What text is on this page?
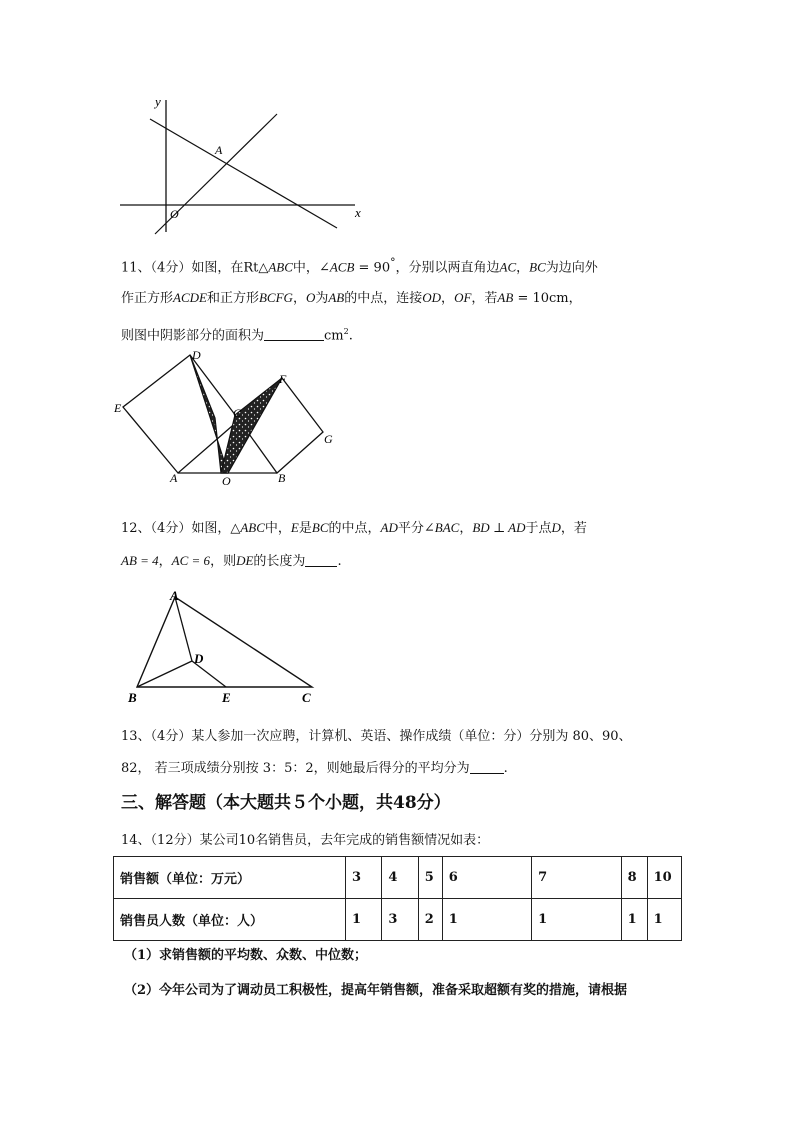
y
x
A
O
11、（4分）如图，在Rt△ABC中，∠ACB = 90°，分别以两直角边AC，BC为边向外
作正方形ACDE和正方形BCFG，O为AB的中点，连接OD，OF，若AB = 10cm，
则图中阴影部分的面积为	$cm^2$.
D
E	C
F
G
A	O	B
12、（4分）如图，△ABC中，E是BC的中点，AD平分∠BAC，BD ⊥ AD于点D，若
AB = 4，AC = 6，则DE的长度为 .
A
D
B	E	C
13、（4分）某人参加一次应聘，计算机、英语、操作成绩（单位：分）分别为 80、90、
82， 若三项成绩分别按 3：5：2，则她最后得分的平均分为	.
三、解答题（本大题共５个小题，共48分）
14、（12分）某公司10名销售员，去年完成的销售额情况如表：
销售额（单位：万元）	3	4	5	6	7	8	10
销售员人数（单位：人）	1	3	2	1	1	1	1
（1）求销售额的平均数、众数、中位数；
（2）今年公司为了调动员工积极性，提高年销售额，准备采取超额有奖的措施，请根据
